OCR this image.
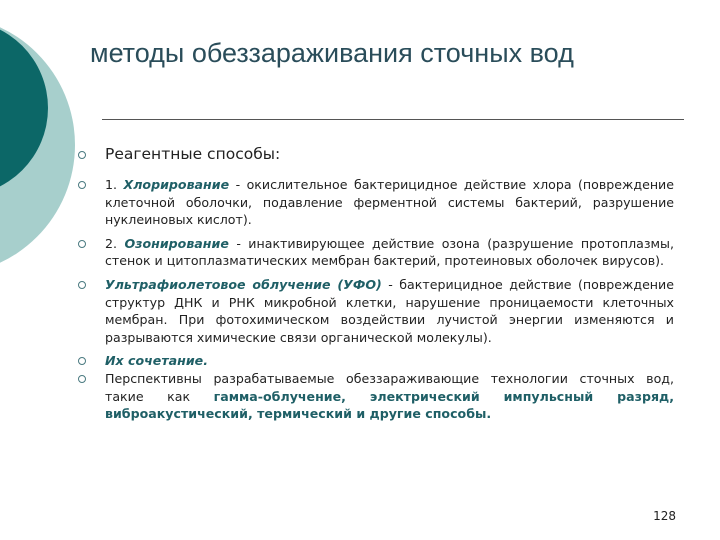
методы обеззараживания сточных вод
Реагентные способы:
1. Хлорирование - окислительное бактерицидное действие хлора (повреждение клеточной оболочки, подавление ферментной системы бактерий, разрушение нуклеиновых кислот).
2. Озонирование - инактивирующее действие озона (разрушение протоплазмы, стенок и цитоплазматических мембран бактерий, протеиновых оболочек вирусов).
Ультрафиолетовое облучение (УФО) - бактерицидное действие (повреждение структур ДНК и РНК микробной клетки, нарушение проницаемости клеточных мембран. При фотохимическом воздействии лучистой энергии изменяются и разрываются химические связи органической молекулы).
Их сочетание.
Перспективны разрабатываемые обеззараживающие технологии сточных вод, такие как гамма-облучение, электрический импульсный разряд, виброакустический, термический и другие способы.
128
